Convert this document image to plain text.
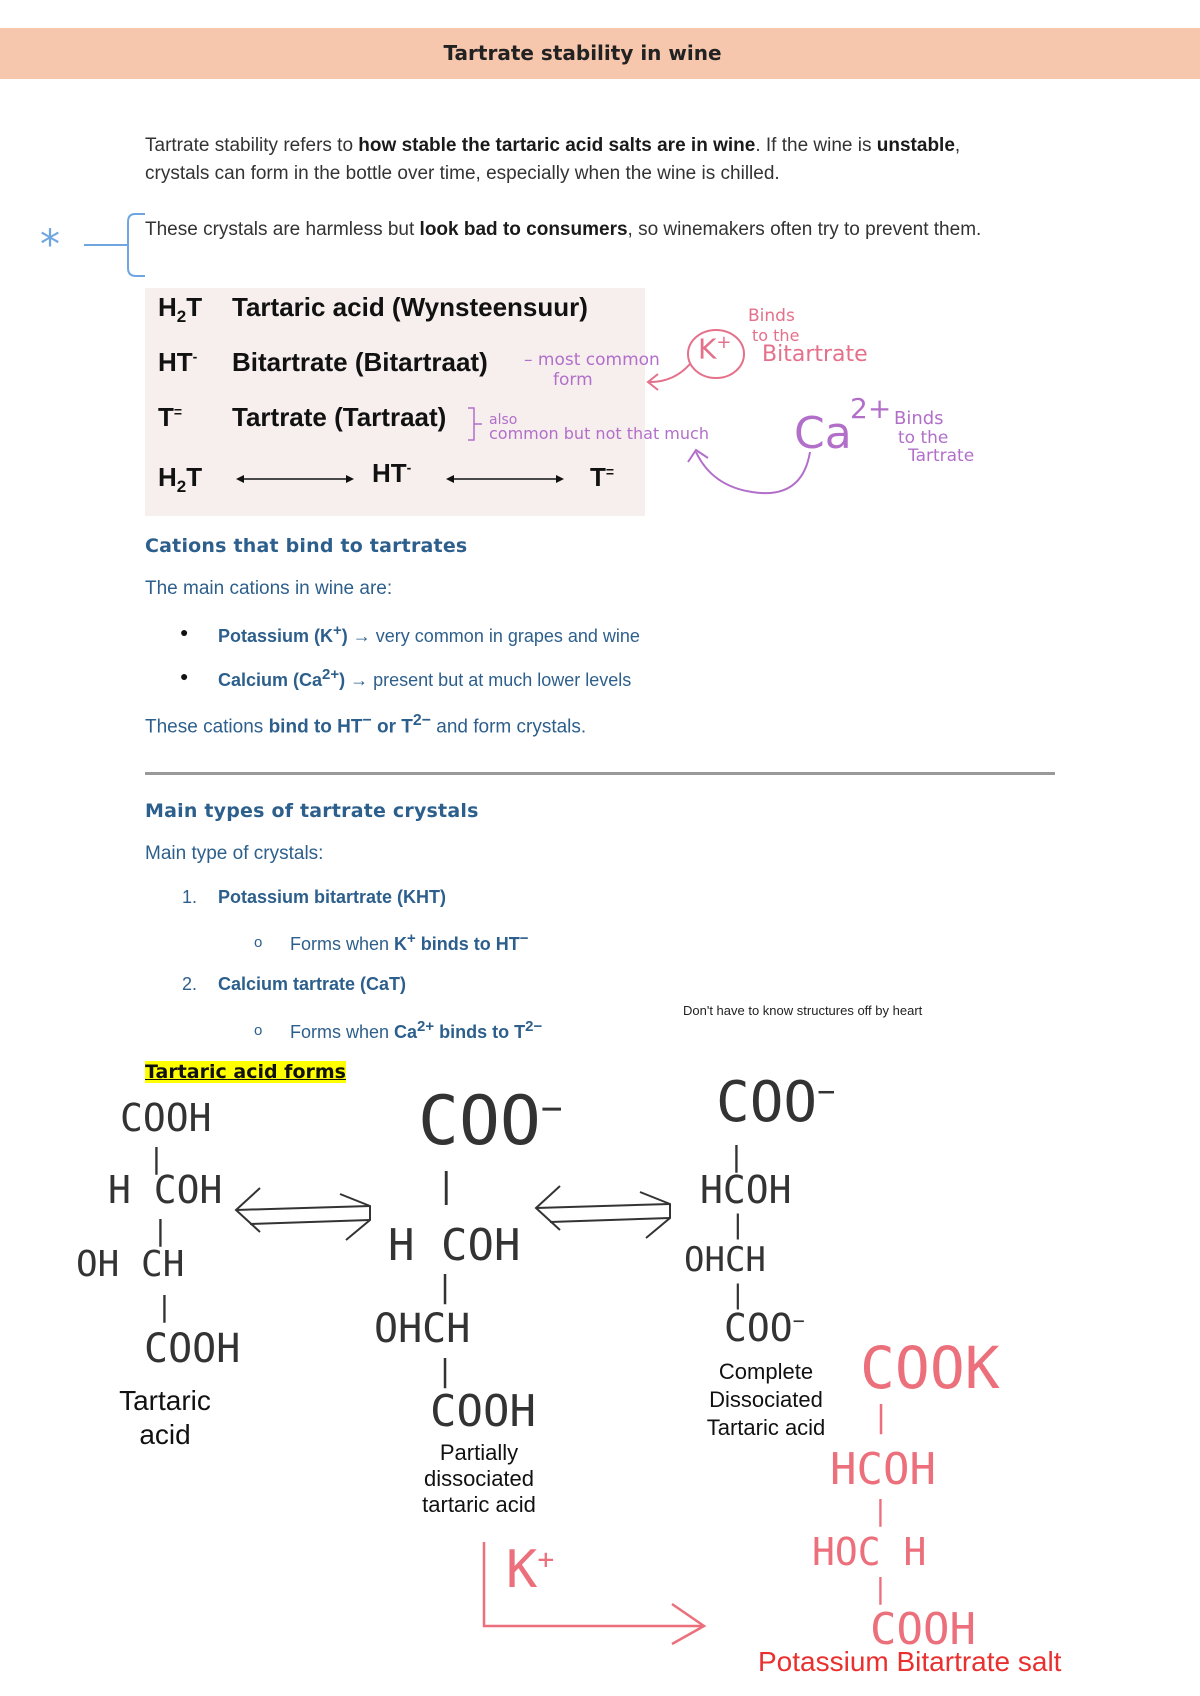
Tartrate stability in wine
Tartrate stability refers to how stable the tartaric acid salts are in wine. If the wine is unstable, crystals can form in the bottle over time, especially when the wine is chilled.
These crystals are harmless but look bad to consumers, so winemakers often try to prevent them.
*
$H_2T$ Tartaric acid (Wynsteensuur)
HT- Bitartrate (Bitartraat)
T= Tartrate (Tartraat)
$H_2T$	HT-	T=
– most common
form
also
common but not that much
K+
Binds
to the
Bitartrate
Ca
2+ Binds
to the
Tartrate
Cations that bind to tartrates
The main cations in wine are:
● Potassium (K+) → very common in grapes and wine
● Calcium $(Ca^{2+})$ → present but at much lower levels
These cations bind to HT− or $T^{2-}$ and form crystals.
Main types of tartrate crystals
Main type of crystals:
1. Potassium bitartrate (KHT)
o Forms when K+ binds to HT−
2. Calcium tartrate (CaT)
o Forms when $Ca^{2+}$ binds to $T^{2-}$
Don't have to know structures off by heart
Tartaric acid forms
COOH
|
H COH
|
OH CH
|
COOH
Tartaric
acid
COO−
|
H COH
|
OHCH
|
COOH
Partially
dissociated
tartaric acid
COO−
|
HCOH
|
OHCH
|
COO−
Complete
Dissociated
Tartaric acid
COOK
|
HCOH
|
HOC H
|
COOH
K+
Potassium Bitartrate salt
